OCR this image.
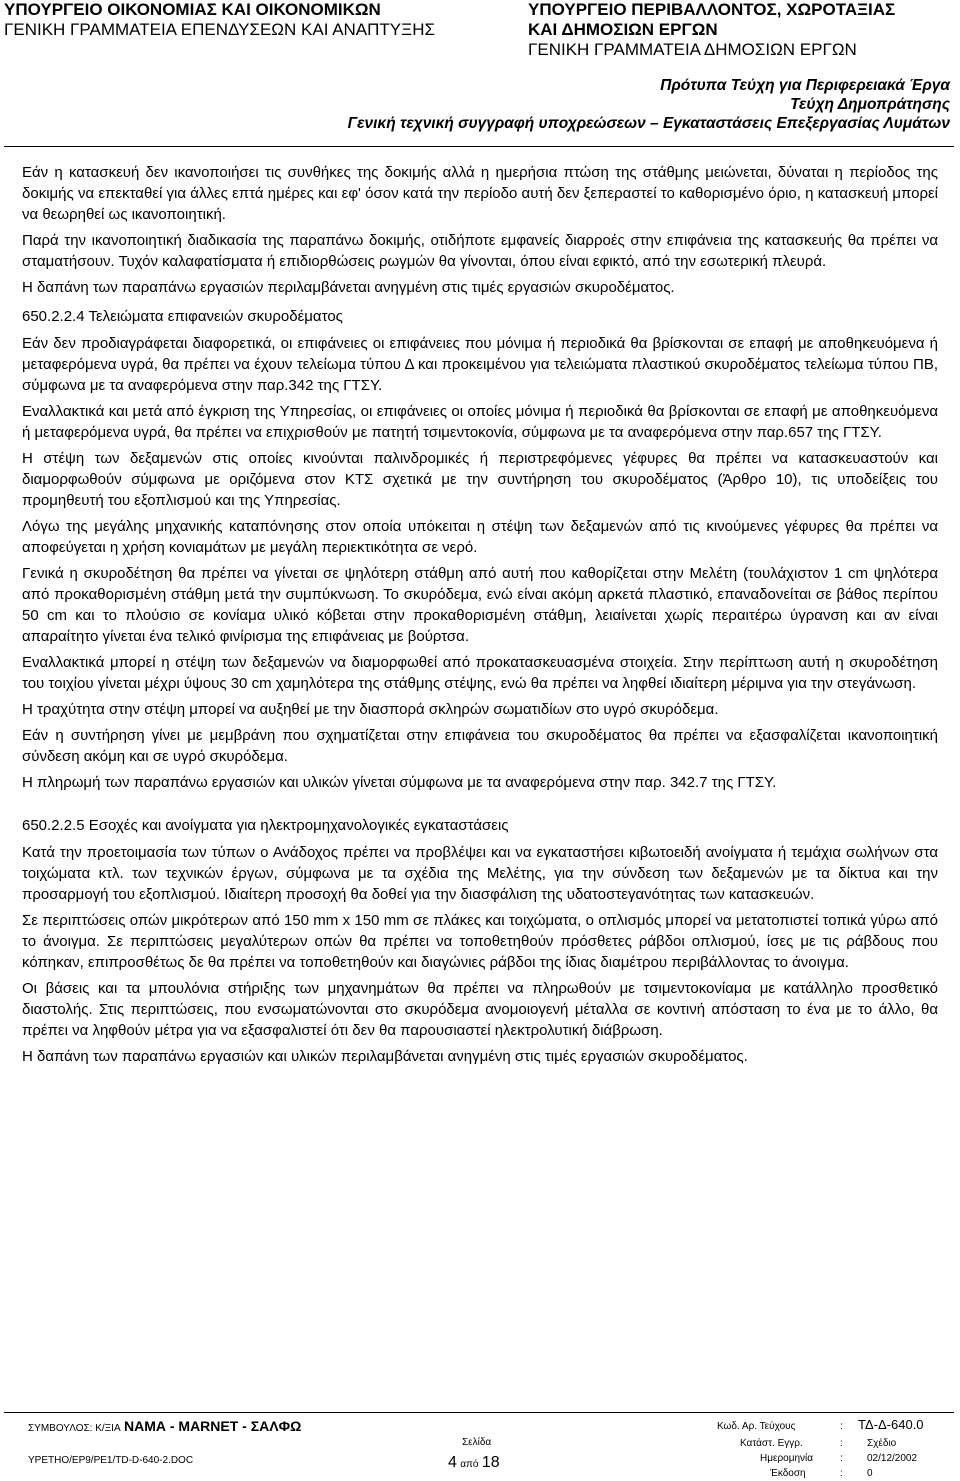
ΥΠΟΥΡΓΕΙΟ ΟΙΚΟΝΟΜΙΑΣ ΚΑΙ ΟΙΚΟΝΟΜΙΚΩΝ
ΓΕΝΙΚΗ ΓΡΑΜΜΑΤΕΙΑ ΕΠΕΝΔΥΣΕΩΝ ΚΑΙ ΑΝΑΠΤΥΞΗΣ
ΥΠΟΥΡΓΕΙΟ ΠΕΡΙΒΑΛΛΟΝΤΟΣ, ΧΩΡΟΤΑΞΙΑΣ
ΚΑΙ ΔΗΜΟΣΙΩΝ ΕΡΓΩΝ
ΓΕΝΙΚΗ ΓΡΑΜΜΑΤΕΙΑ ΔΗΜΟΣΙΩΝ ΕΡΓΩΝ
Πρότυπα Τεύχη για Περιφερειακά Έργα
Τεύχη Δημοπράτησης
Γενική τεχνική συγγραφή υποχρεώσεων – Εγκαταστάσεις Επεξεργασίας Λυμάτων

Εάν η κατασκευή δεν ικανοποιήσει τις συνθήκες της δοκιμής αλλά η ημερήσια πτώση της στάθμης μειώνεται, δύναται η περίοδος της δοκιμής να επεκταθεί για άλλες επτά ημέρες και εφ' όσον κατά την περίοδο αυτή δεν ξεπεραστεί το καθορισμένο όριο, η κατασκευή μπορεί να θεωρηθεί ως ικανοποιητική.

Παρά την ικανοποιητική διαδικασία της παραπάνω δοκιμής, οτιδήποτε εμφανείς διαρροές στην επιφάνεια της κατασκευής θα πρέπει να σταματήσουν. Τυχόν καλαφατίσματα ή επιδιορθώσεις ρωγμών θα γίνονται, όπου είναι εφικτό, από την εσωτερική πλευρά.

Η δαπάνη των παραπάνω εργασιών περιλαμβάνεται ανηγμένη στις τιμές εργασιών σκυροδέματος.

650.2.2.4 Τελειώματα επιφανειών σκυροδέματος

Εάν δεν προδιαγράφεται διαφορετικά, οι επιφάνειες οι επιφάνειες που μόνιμα ή περιοδικά θα βρίσκονται σε επαφή με αποθηκευόμενα ή μεταφερόμενα υγρά, θα πρέπει να έχουν τελείωμα τύπου Δ και προκειμένου για τελειώματα πλαστικού σκυροδέματος τελείωμα τύπου ΠΒ, σύμφωνα με τα αναφερόμενα στην παρ.342 της ΓΤΣΥ.

Εναλλακτικά και μετά από έγκριση της Υπηρεσίας, οι επιφάνειες οι οποίες μόνιμα ή περιοδικά θα βρίσκονται σε επαφή με αποθηκευόμενα ή μεταφερόμενα υγρά, θα πρέπει να επιχρισθούν με πατητή τσιμεντοκονία, σύμφωνα με τα αναφερόμενα στην παρ.657 της ΓΤΣΥ.

Η στέψη των δεξαμενών στις οποίες κινούνται παλινδρομικές ή περιστρεφόμενες γέφυρες θα πρέπει να κατασκευαστούν και διαμορφωθούν σύμφωνα με οριζόμενα στον ΚΤΣ σχετικά με την συντήρηση του σκυροδέματος (Άρθρο 10), τις υποδείξεις του προμηθευτή του εξοπλισμού και της Υπηρεσίας.

Λόγω της μεγάλης μηχανικής καταπόνησης στον οποία υπόκειται η στέψη των δεξαμενών από τις κινούμενες γέφυρες θα πρέπει να αποφεύγεται η χρήση κονιαμάτων με μεγάλη περιεκτικότητα σε νερό.

Γενικά η σκυροδέτηση θα πρέπει να γίνεται σε ψηλότερη στάθμη από αυτή που καθορίζεται στην Μελέτη (τουλάχιστον 1 cm ψηλότερα από προκαθορισμένη στάθμη μετά την συμπύκνωση. Το σκυρόδεμα, ενώ είναι ακόμη αρκετά πλαστικό, επαναδονείται σε βάθος περίπου 50 cm και το πλούσιο σε κονίαμα υλικό κόβεται στην προκαθορισμένη στάθμη, λειαίνεται χωρίς περαιτέρω ύγρανση και αν είναι απαραίτητο γίνεται ένα τελικό φινίρισμα της επιφάνειας με βούρτσα.

Εναλλακτικά μπορεί η στέψη των δεξαμενών να διαμορφωθεί από προκατασκευασμένα στοιχεία. Στην περίπτωση αυτή η σκυροδέτηση του τοιχίου γίνεται μέχρι ύψους 30 cm χαμηλότερα της στάθμης στέψης, ενώ θα πρέπει να ληφθεί ιδιαίτερη μέριμνα για την στεγάνωση.

Η τραχύτητα στην στέψη μπορεί να αυξηθεί με την διασπορά σκληρών σωματιδίων στο υγρό σκυρόδεμα.

Εάν η συντήρηση γίνει με μεμβράνη που σχηματίζεται στην επιφάνεια του σκυροδέματος θα πρέπει να εξασφαλίζεται ικανοποιητική σύνδεση ακόμη και σε υγρό σκυρόδεμα.

Η πληρωμή των παραπάνω εργασιών και υλικών γίνεται σύμφωνα με τα αναφερόμενα στην παρ. 342.7 της ΓΤΣΥ.

650.2.2.5 Εσοχές και ανοίγματα για ηλεκτρομηχανολογικές εγκαταστάσεις

Κατά την προετοιμασία των τύπων ο Ανάδοχος πρέπει να προβλέψει και να εγκαταστήσει κιβωτοειδή ανοίγματα ή τεμάχια σωλήνων στα τοιχώματα κτλ. των τεχνικών έργων, σύμφωνα με τα σχέδια της Μελέτης, για την σύνδεση των δεξαμενών με τα δίκτυα και την προσαρμογή του εξοπλισμού. Ιδιαίτερη προσοχή θα δοθεί για την διασφάλιση της υδατοστεγανότητας των κατασκευών.

Σε περιπτώσεις οπών μικρότερων από 150 mm x 150 mm σε πλάκες και τοιχώματα, ο οπλισμός μπορεί να μετατοπιστεί τοπικά γύρω από το άνοιγμα. Σε περιπτώσεις μεγαλύτερων οπών θα πρέπει να τοποθετηθούν πρόσθετες ράβδοι οπλισμού, ίσες με τις ράβδους που κόπηκαν, επιπροσθέτως δε θα πρέπει να τοποθετηθούν και διαγώνιες ράβδοι της ίδιας διαμέτρου περιβάλλοντας το άνοιγμα.

Οι βάσεις και τα μπουλόνια στήριξης των μηχανημάτων θα πρέπει να πληρωθούν με τσιμεντοκονίαμα με κατάλληλο προσθετικό διαστολής. Στις περιπτώσεις, που ενσωματώνονται στο σκυρόδεμα ανομοιογενή μέταλλα σε κοντινή απόσταση το ένα με το άλλο, θα πρέπει να ληφθούν μέτρα για να εξασφαλιστεί ότι δεν θα παρουσιαστεί ηλεκτρολυτική διάβρωση.

Η δαπάνη των παραπάνω εργασιών και υλικών περιλαμβάνεται ανηγμένη στις τιμές εργασιών σκυροδέματος.

ΣΥΜΒΟΥΛΟΣ: Κ/ΞΙΑ ΝΑΜΑ - MARNET - ΣΑΛΦΩ
ΥΡΕΤΗΟ/ΕΡ9/ΡΕ1/TD-D-640-2.DOC
Σελίδα
4 από 18
Κωδ. Αρ. Τεύχους	: ΤΔ-Δ-640.0
Κατάστ. Εγγρ.	: Σχέδιο
Ημερομηνία	: 02/12/2002
Έκδοση	: 0
